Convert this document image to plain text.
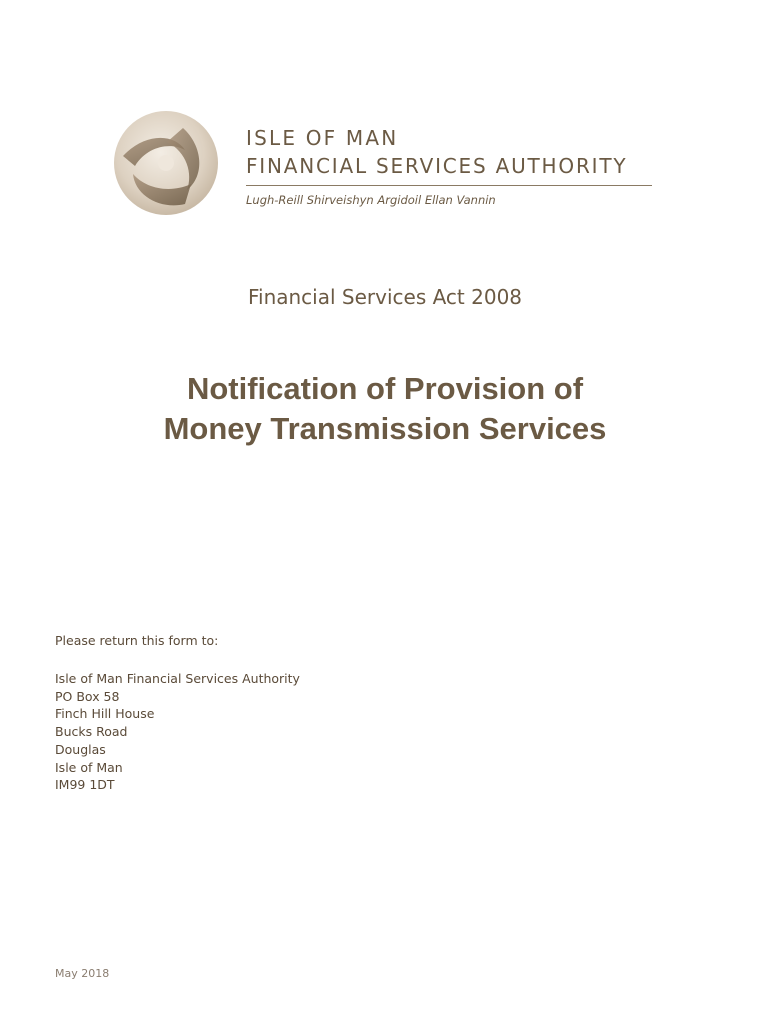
ISLE OF MAN
FINANCIAL SERVICES AUTHORITY
Lugh-Reill Shirveishyn Argidoil Ellan Vannin
Financial Services Act 2008
Notification of Provision of
Money Transmission Services
Please return this form to:
Isle of Man Financial Services Authority
PO Box 58
Finch Hill House
Bucks Road
Douglas
Isle of Man
IM99 1DT
May 2018
